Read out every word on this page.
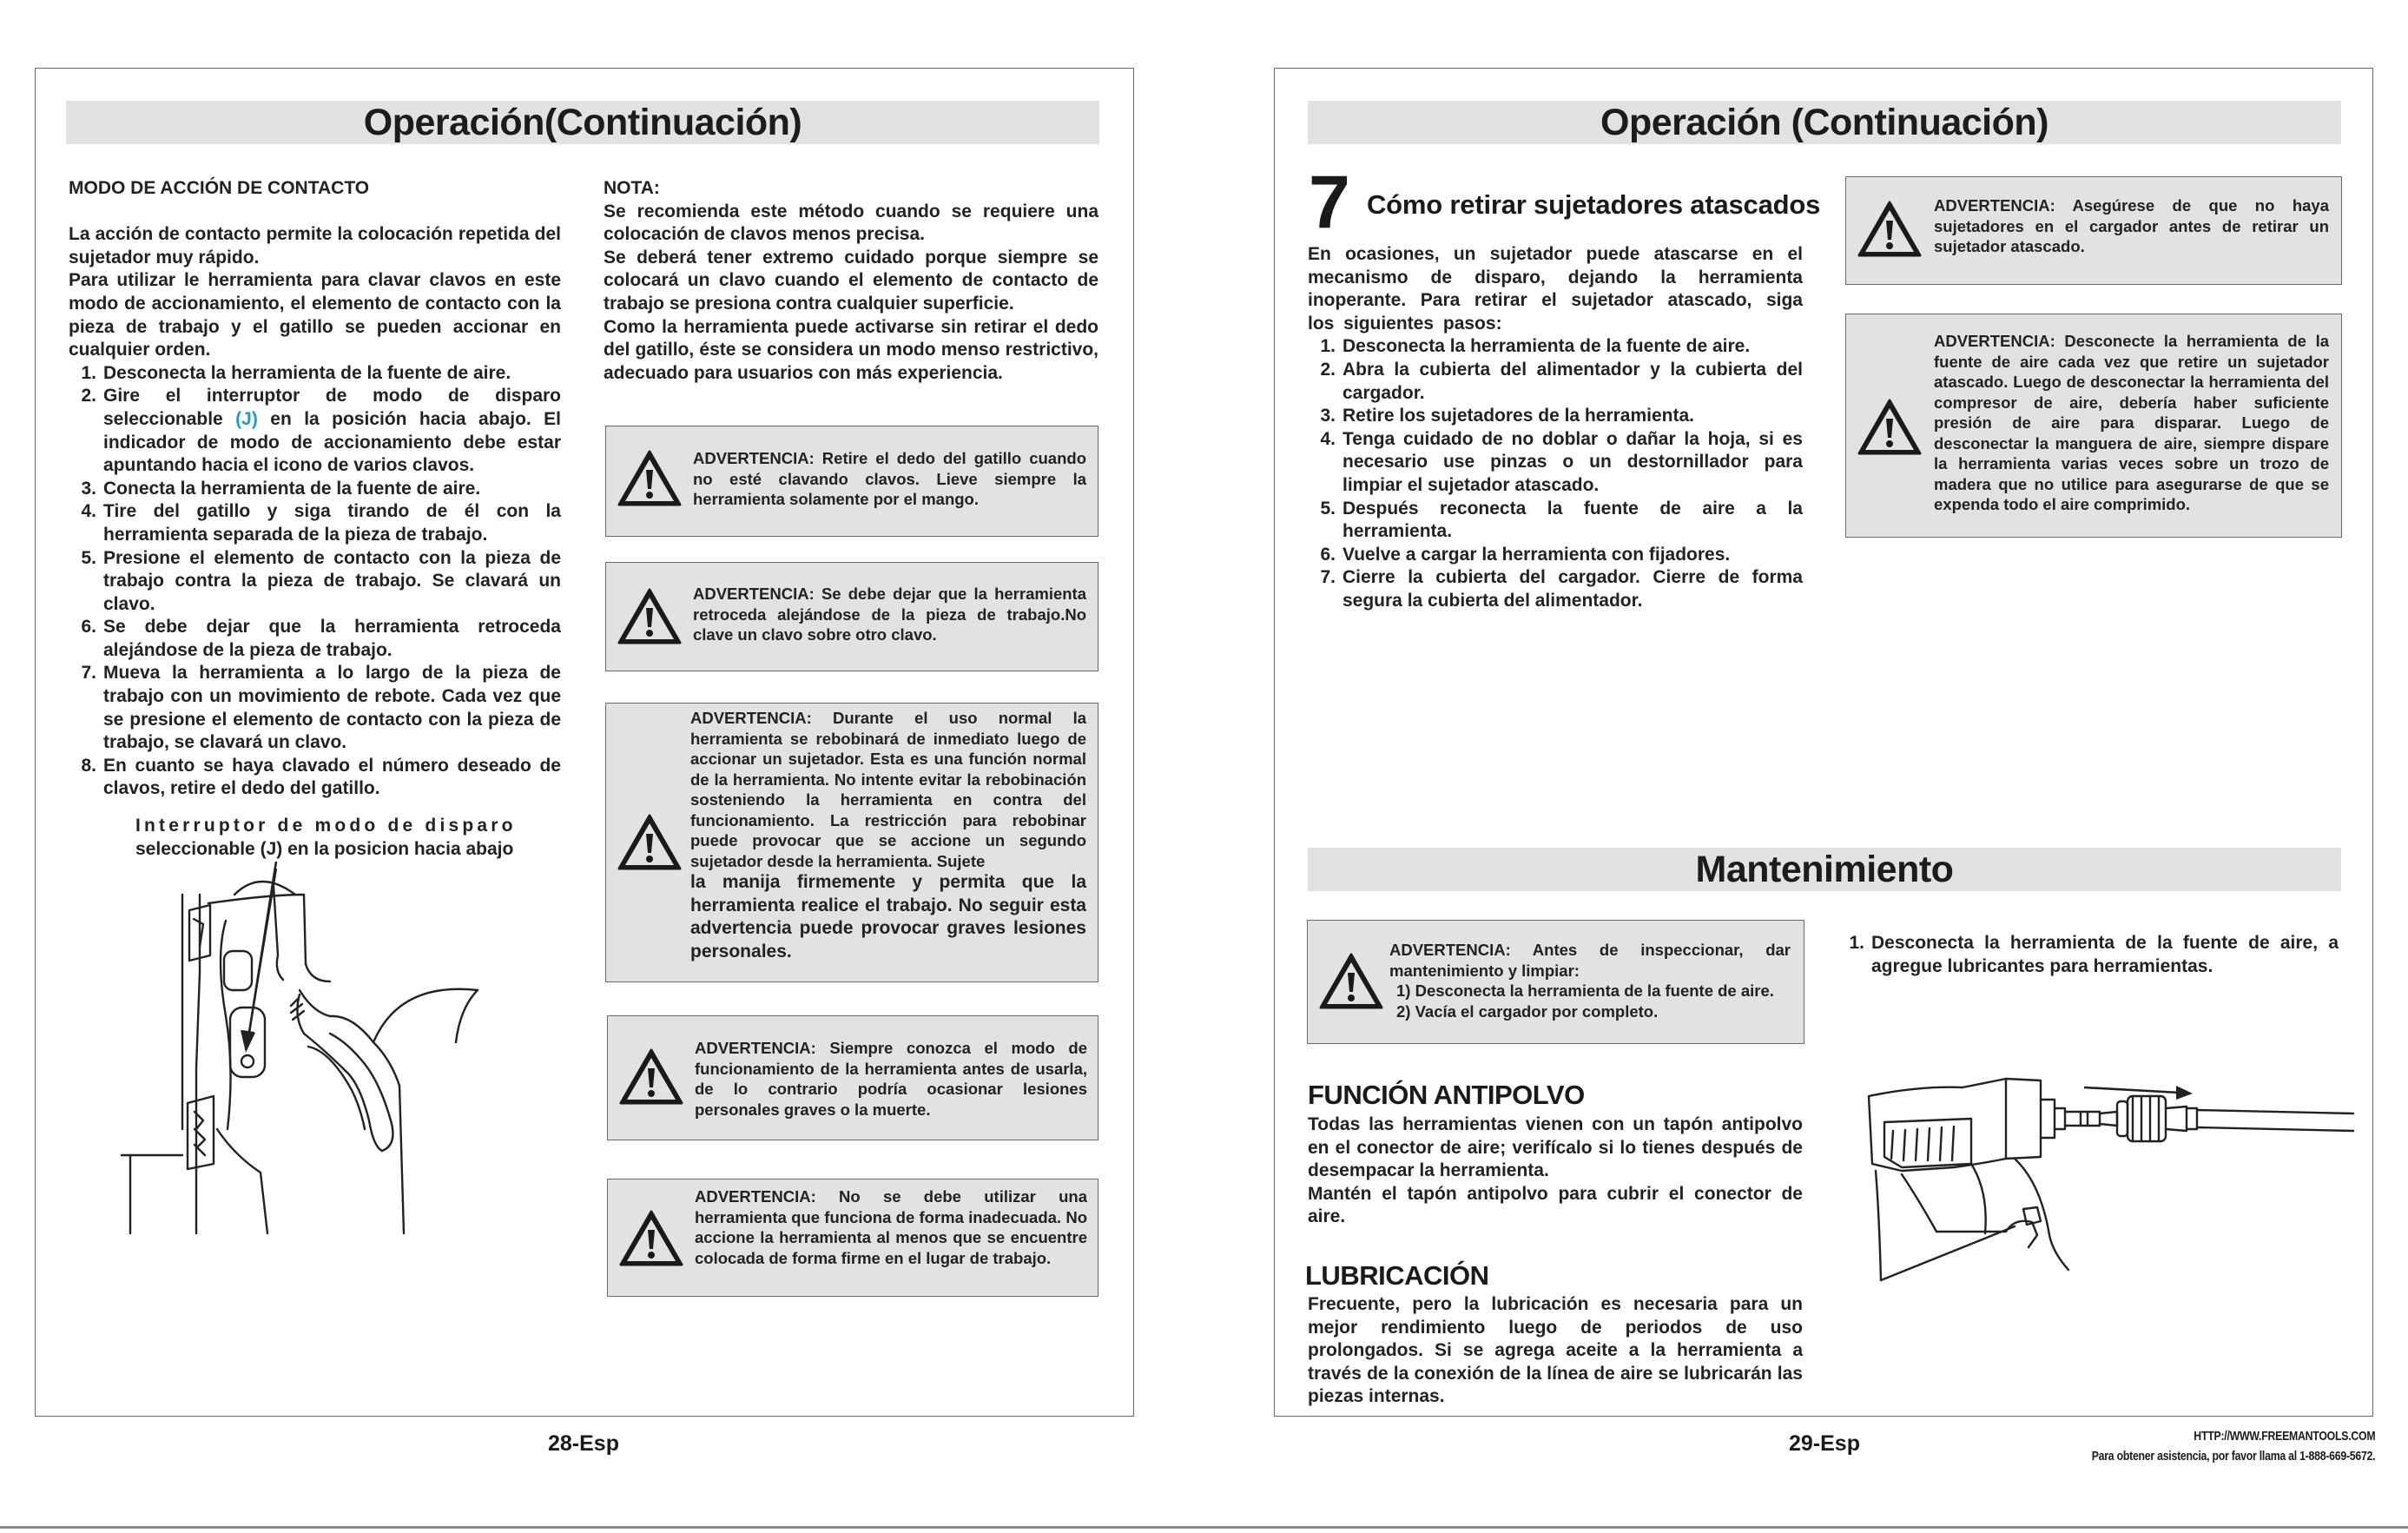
Operación(Continuación)

MODO DE ACCIÓN DE CONTACTO

La acción de contacto permite la colocación repetida del sujetador muy rápido.

Para utilizar le herramienta para clavar clavos en este modo de accionamiento, el elemento de contacto con la pieza de trabajo y el gatillo se pueden accionar en cualquier orden.

1. Desconecta la herramienta de la fuente de aire.
2. Gire el interruptor de modo de disparo seleccionable (J) en la posición hacia abajo. El indicador de modo de accionamiento debe estar apuntando hacia el icono de varios clavos.
3. Conecta la herramienta de la fuente de aire.
4. Tire del gatillo y siga tirando de él con la herramienta separada de la pieza de trabajo.
5. Presione el elemento de contacto con la pieza de trabajo contra la pieza de trabajo. Se clavará un clavo.
6. Se debe dejar que la herramienta retroceda alejándose de la pieza de trabajo.
7. Mueva la herramienta a lo largo de la pieza de trabajo con un movimiento de rebote. Cada vez que se presione el elemento de contacto con la pieza de trabajo, se clavará un clavo.
8. En cuanto se haya clavado el número deseado de clavos, retire el dedo del gatillo.

Interruptor de modo de disparo

seleccionable (J) en la posicion hacia abajo

NOTA:

Se recomienda este método cuando se requiere una colocación de clavos menos precisa.

Se deberá tener extremo cuidado porque siempre se colocará un clavo cuando el elemento de contacto de trabajo se presiona contra cualquier superficie.

Como la herramienta puede activarse sin retirar el dedo del gatillo, éste se considera un modo menso restrictivo, adecuado para usuarios con más experiencia.

ADVERTENCIA: Retire el dedo del gatillo cuando no esté clavando clavos. Lieve siempre la herramienta solamente por el mango.
ADVERTENCIA: Se debe dejar que la herramienta retroceda alejándose de la pieza de trabajo.No clave un clavo sobre otro clavo.
ADVERTENCIA: Durante el uso normal la herramienta se rebobinará de inmediato luego de accionar un sujetador. Esta es una función normal de la herramienta. No intente evitar la rebobinación sosteniendo la herramienta en contra del funcionamiento. La restricción para rebobinar puede provocar que se accione un segundo sujetador desde la herramienta. Sujete
la manija firmemente y permita que la herramienta realice el trabajo. No seguir esta advertencia puede provocar graves lesiones personales.
ADVERTENCIA: Siempre conozca el modo de funcionamiento de la herramienta antes de usarla, de lo contrario podría ocasionar lesiones personales graves o la muerte.
ADVERTENCIA: No se debe utilizar una herramienta que funciona de forma inadecuada. No accione la herramienta al menos que se encuentre colocada de forma firme en el lugar de trabajo.
28-Esp
Operación (Continuación)
7 Cómo retirar sujetadores atascados

En ocasiones, un sujetador puede atascarse en el mecanismo de disparo, dejando la herramienta inoperante. Para retirar el sujetador atascado, siga los siguientes pasos:

1. Desconecta la herramienta de la fuente de aire.
2. Abra la cubierta del alimentador y la cubierta del cargador.
3. Retire los sujetadores de la herramienta.
4. Tenga cuidado de no doblar o dañar la hoja, si es necesario use pinzas o un destornillador para limpiar el sujetador atascado.
5. Después reconecta la fuente de aire a la herramienta.
6. Vuelve a cargar la herramienta con fijadores.
7. Cierre la cubierta del cargador. Cierre de forma segura la cubierta del alimentador.
ADVERTENCIA: Asegúrese de que no haya sujetadores en el cargador antes de retirar un sujetador atascado.
ADVERTENCIA: Desconecte la herramienta de la fuente de aire cada vez que retire un sujetador atascado. Luego de desconectar la herramienta del compresor de aire, debería haber suficiente presión de aire para disparar. Luego de desconectar la manguera de aire, siempre dispare la herramienta varias veces sobre un trozo de madera que no utilice para asegurarse de que se expenda todo el aire comprimido.
Mantenimiento
ADVERTENCIA: Antes de inspeccionar, dar mantenimiento y limpiar:
1) Desconecta la herramienta de la fuente de aire.
2) Vacía el cargador por completo.
FUNCIÓN ANTIPOLVO

Todas las herramientas vienen con un tapón antipolvo en el conector de aire; verifícalo si lo tienes después de desempacar la herramienta.

Mantén el tapón antipolvo para cubrir el conector de aire.

LUBRICACIÓN

Frecuente, pero la lubricación es necesaria para un mejor rendimiento luego de periodos de uso prolongados. Si se agrega aceite a la herramienta a través de la conexión de la línea de aire se lubricarán las piezas internas.

1. Desconecta la herramienta de la fuente de aire, a agregue lubricantes para herramientas.
29-Esp	HTTP://WWW.FREEMANTOOLS.COM
Para obtener asistencia, por favor llama al 1-888-669-5672.
